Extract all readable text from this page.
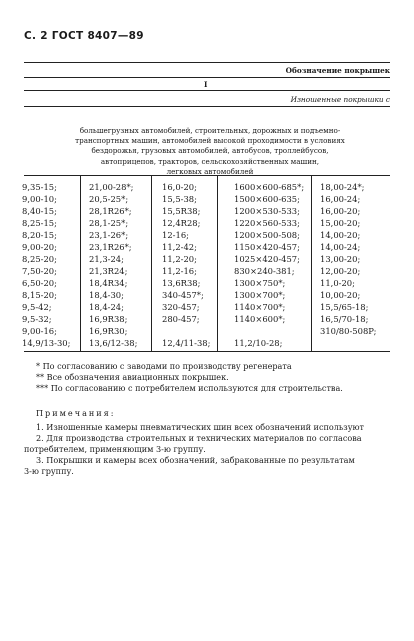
С. 2 ГОСТ 8407—89
Обозначение покрышек
I
Изношенные покрышки с
большегрузных автомобилей, строительных, дорожных и подъемно-
транспортных машин, автомобилей высокой проходимости в условиях
бездорожья, грузовых автомобилей, автобусов, троллейбусов,
автоприцепов, тракторов, сельскохозяйственных машин,
легковых автомобилей
9,35-15;
9,00-10;
8,40-15;
8,25-15;
8,20-15;
9,00-20;
8,25-20;
7,50-20;
6,50-20;
8,15-20;
9,5-42;
9,5-32;
9,00-16;
14,9/13-30;
21,00-28*;
20,5-25*;
28,1R26*;
28,1-25*;
23,1-26*;
23,1R26*;
21,3-24;
21,3R24;
18,4R34;
18,4-30;
18,4-24;
16,9R38;
16,9R30;
13,6/12-38;
16,0-20;
15,5-38;
15,5R38;
12,4R28;
12-16;
11,2-42;
11,2-20;
11,2-16;
13,6R38;
340-457*;
320-457;
280-457;
12,4/11-38;
1600×600-685*;
1500×600-635;
1200×530-533;
1220×560-533;
1200×500-508;
1150×420-457;
1025×420-457;
830×240-381;
1300×750*;
1300×700*;
1140×700*;
1140×600*;
11,2/10-28;
18,00-24*;
16,00-24;
16,00-20;
15,00-20;
14,00-20;
14,00-24;
13,00-20;
12,00-20;
11,0-20;
10,00-20;
15,5/65-18;
16,5/70-18;
310/80-508P;
* По согласованию с заводами по производству регенерата
** Все обозначения авиационных покрышек.
*** По согласованию с потребителем используются для строительства.
Примечания:
1. Изношенные камеры пневматических шин всех обозначений используют
2. Для производства строительных и технических материалов по согласова
потребителем, применяющим 3-ю группу.
3. Покрышки и камеры всех обозначений, забракованные по результатам
3-ю группу.
